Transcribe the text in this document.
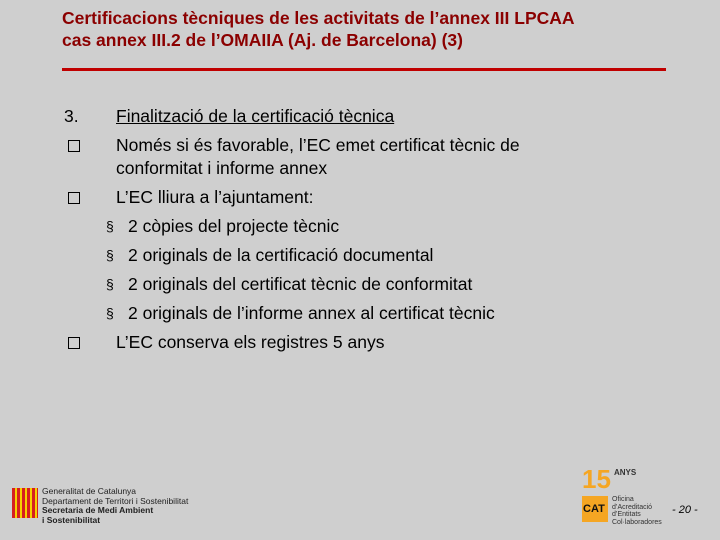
Certificacions tècniques de les activitats de l’annex III LPCAA
cas annex III.2 de l’OMAIIA (Aj. de Barcelona) (3)
3. Finalització de la certificació tècnica
Només si és favorable, l’EC emet certificat tècnic de
conformitat i informe annex
L’EC lliura a l’ajuntament:
§ 2 còpies del projecte tècnic
§ 2 originals de la certificació documental
§ 2 originals del certificat tècnic de conformitat
§ 2 originals de l’informe annex al certificat tècnic
L’EC conserva els registres 5 anys
Generalitat de Catalunya
Departament de Territori i Sostenibilitat
Secretaria de Medi Ambient
i Sostenibilitat
15 ANYS
CAT
Oficina
d’Acreditació
d’Entitats
Col·laboradores
- 20 -
